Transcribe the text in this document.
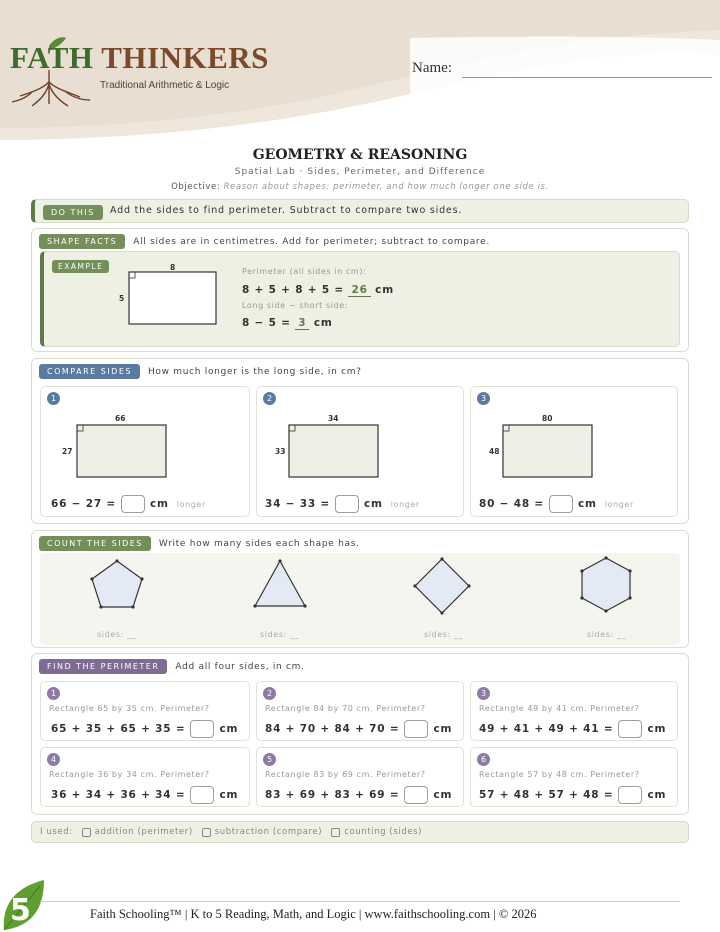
FATH THINKERS
Traditional Arithmetic & Logic
Name:
GEOMETRY & REASONING
Spatial Lab · Sides, Perimeter, and Difference
Objective: Reason about shapes: perimeter, and how much longer one side is.
DO THIS	Add the sides to find perimeter. Subtract to compare two sides.
SHAPE FACTS	All sides are in centimetres. Add for perimeter; subtract to compare.
EXAMPLE	8
5
Perimeter (all sides in cm):
8 + 5 + 8 + 5 = 26 cm
Long side − short side:
8 − 5 = 3 cm
COMPARE SIDES	How much longer is the long side, in cm?
1
66
27
66 − 27 =	cm longer
2
34
33
34 − 33 =	cm longer
3
80
48
80 − 48 =	cm longer
COUNT THE SIDES	Write how many sides each shape has.
sides: __	sides: __	sides: __	sides: __
FIND THE PERIMETER	Add all four sides, in cm.
1
Rectangle 65 by 35 cm. Perimeter?
65 + 35 + 65 + 35 =	cm
2
Rectangle 84 by 70 cm. Perimeter?
84 + 70 + 84 + 70 =	cm
3
Rectangle 49 by 41 cm. Perimeter?
49 + 41 + 49 + 41 =	cm
4
Rectangle 36 by 34 cm. Perimeter?
36 + 34 + 36 + 34 =	cm
5
Rectangle 83 by 69 cm. Perimeter?
83 + 69 + 83 + 69 =	cm
6
Rectangle 57 by 48 cm. Perimeter?
57 + 48 + 57 + 48 =	cm
I used:	addition (perimeter)	subtraction (compare)	counting (sides)
5	Faith Schooling™ | K to 5 Reading, Math, and Logic | www.faithschooling.com | © 2026
